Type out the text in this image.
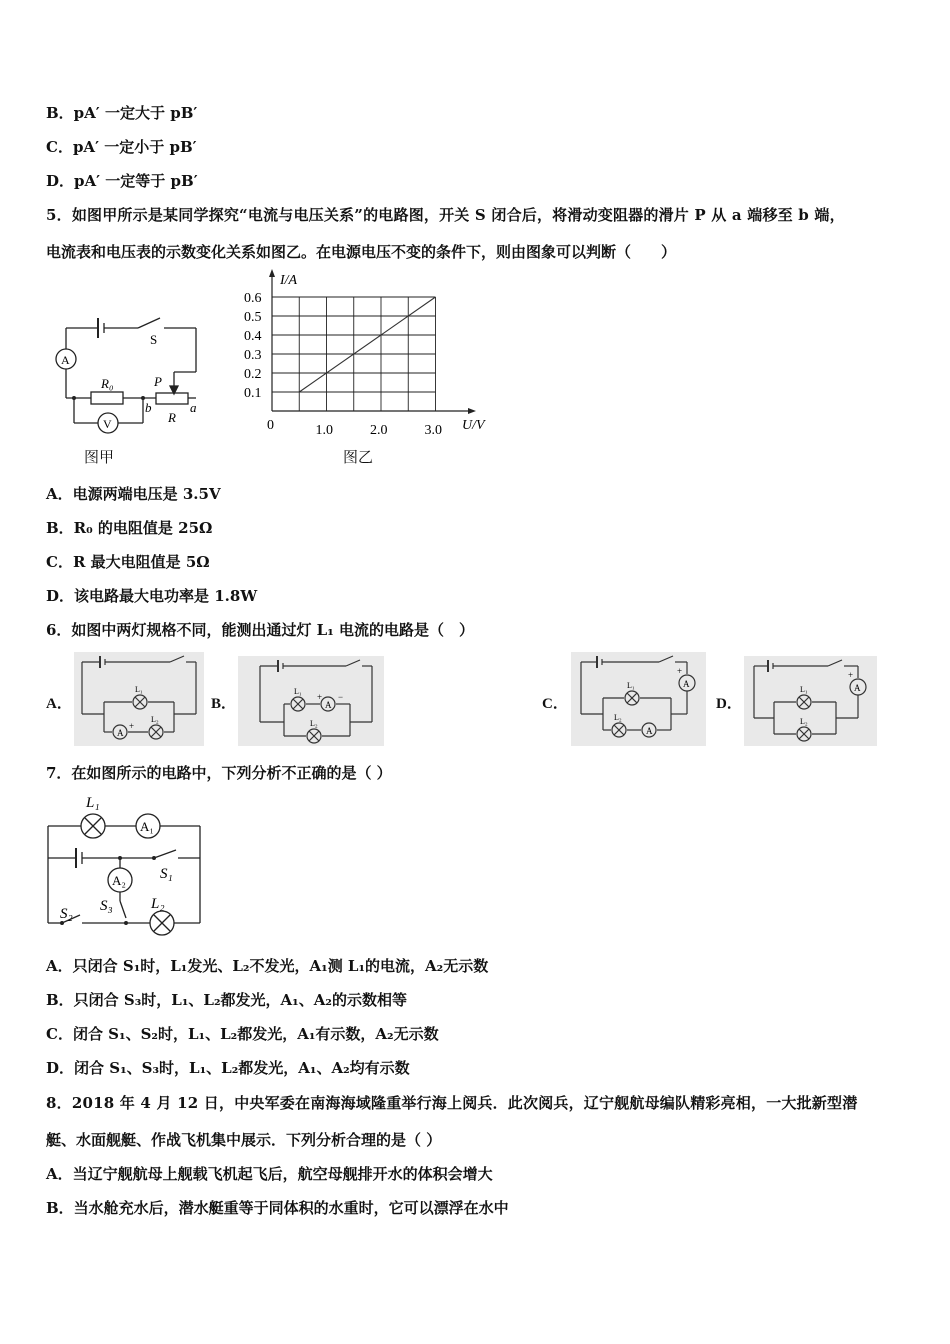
B．pA′ 一定大于 pB′
C．pA′ 一定小于 pB′
D．pA′ 一定等于 pB′
5．如图甲所示是某同学探究“电流与电压关系”的电路图，开关 S 闭合后，将滑动变阻器的滑片 P 从 a 端移至 b 端，
电流表和电压表的示数变化关系如图乙。在电源电压不变的条件下，则由图象可以判断（　　）
S
A
R₀	P
b
R
a
V
图甲
0.1
0.2
0.3
0.4
0.5
0.6
1.0	2.0	3.0
0
I/A
U/V
图乙
A．电源两端电压是 3.5V
B．R₀ 的电阻值是 25Ω
C．R 最大电阻值是 5Ω
D．该电路最大电功率是 1.8W
6．如图中两灯规格不同，能测出通过灯 L₁ 电流的电路是（　）
A．
L₁
L₂
A
+
B．
L₁
L₂
A
+ −	C．
L₁
L₂
A
A
+
D．
L₁
L₂
A
+
7．在如图所示的电路中，下列分析不正确的是（ ）
L₁
A₁
S₁
A₂
S₃	L₂
S₂
A．只闭合 S₁时，L₁发光、L₂不发光，A₁测 L₁的电流，A₂无示数
B．只闭合 S₃时，L₁、L₂都发光，A₁、A₂的示数相等
C．闭合 S₁、S₂时，L₁、L₂都发光，A₁有示数，A₂无示数
D．闭合 S₁、S₃时，L₁、L₂都发光，A₁、A₂均有示数
8．2018 年 4 月 12 日，中央军委在南海海域隆重举行海上阅兵．此次阅兵，辽宁舰航母编队精彩亮相，一大批新型潜
艇、水面舰艇、作战飞机集中展示．下列分析合理的是（ ）
A．当辽宁舰航母上舰载飞机起飞后，航空母舰排开水的体积会增大
B．当水舱充水后，潜水艇重等于同体积的水重时，它可以漂浮在水中
